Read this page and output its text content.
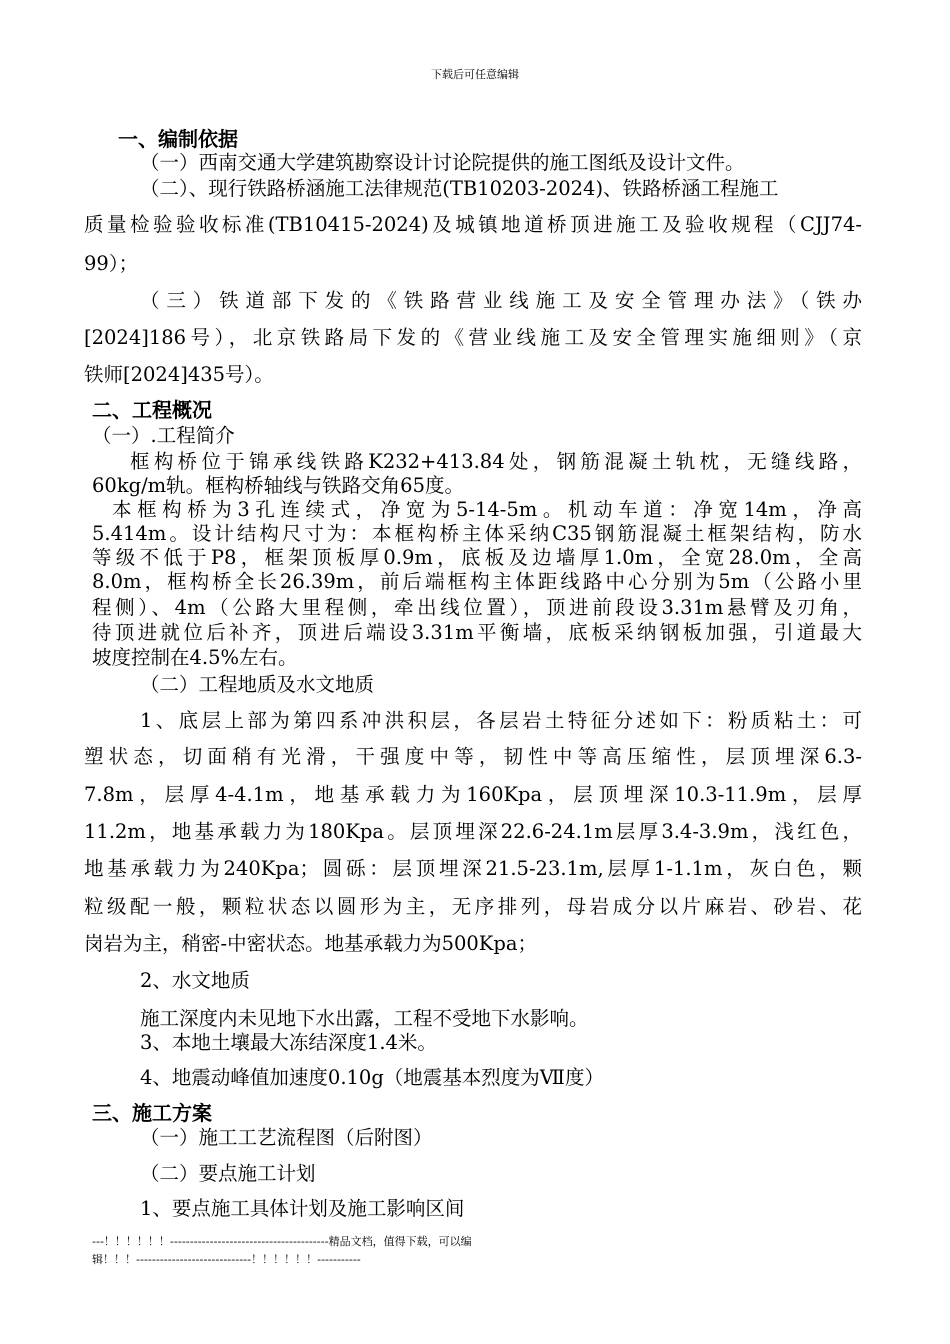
下载后可任意编辑
一、编制依据
（一）西南交通大学建筑勘察设计讨论院提供的施工图纸及设计文件。
（二）、现行铁路桥涵施工法律规范(TB10203-2024)、铁路桥涵工程施工
质量检验验收标准(TB10415-2024)及城镇地道桥顶进施工及验收规程（CJJ74-
99）；
（三）铁道部下发的《铁路营业线施工及安全管理办法》（铁办
[2024]186号），北京铁路局下发的《营业线施工及安全管理实施细则》（京
铁师[2024]435号）。
二、工程概况
（一）.工程简介
框构桥位于锦承线铁路K232+413.84处，钢筋混凝土轨枕，无缝线路，
60kg/m轨。框构桥轴线与铁路交角65度。
本框构桥为3孔连续式，净宽为5-14-5m。机动车道：净宽14m，净高
5.414m。设计结构尺寸为：本框构桥主体采纳C35钢筋混凝土框架结构，防水
等级不低于P8，框架顶板厚0.9m，底板及边墙厚1.0m，全宽28.0m，全高
8.0m，框构桥全长26.39m，前后端框构主体距线路中心分别为5m（公路小里
程侧）、4m（公路大里程侧，牵出线位置），顶进前段设3.31m悬臂及刃角，
待顶进就位后补齐，顶进后端设3.31m平衡墙，底板采纳钢板加强，引道最大
坡度控制在4.5%左右。
（二）工程地质及水文地质
1、底层上部为第四系冲洪积层，各层岩土特征分述如下：粉质粘土：可
塑状态，切面稍有光滑，干强度中等，韧性中等高压缩性，层顶埋深6.3-
7.8m，层厚4-4.1m，地基承载力为160Kpa，层顶埋深10.3-11.9m，层厚
11.2m，地基承载力为180Kpa。层顶埋深22.6-24.1m层厚3.4-3.9m，浅红色，
地基承载力为240Kpa；圆砾：层顶埋深21.5-23.1m,层厚1-1.1m，灰白色，颗
粒级配一般，颗粒状态以圆形为主，无序排列，母岩成分以片麻岩、砂岩、花
岗岩为主，稍密-中密状态。地基承载力为500Kpa；
2、水文地质
施工深度内未见地下水出露，工程不受地下水影响。
3、本地土壤最大冻结深度1.4米。
4、地震动峰值加速度0.10g（地震基本烈度为Ⅶ度）
三、施工方案
（一）施工工艺流程图（后附图）
（二）要点施工计划
1、要点施工具体计划及施工影响区间
---！！！！！！----------------------------------------精品文档，值得下载，可以编
辑！！！-----------------------------！！！！！！-----------
